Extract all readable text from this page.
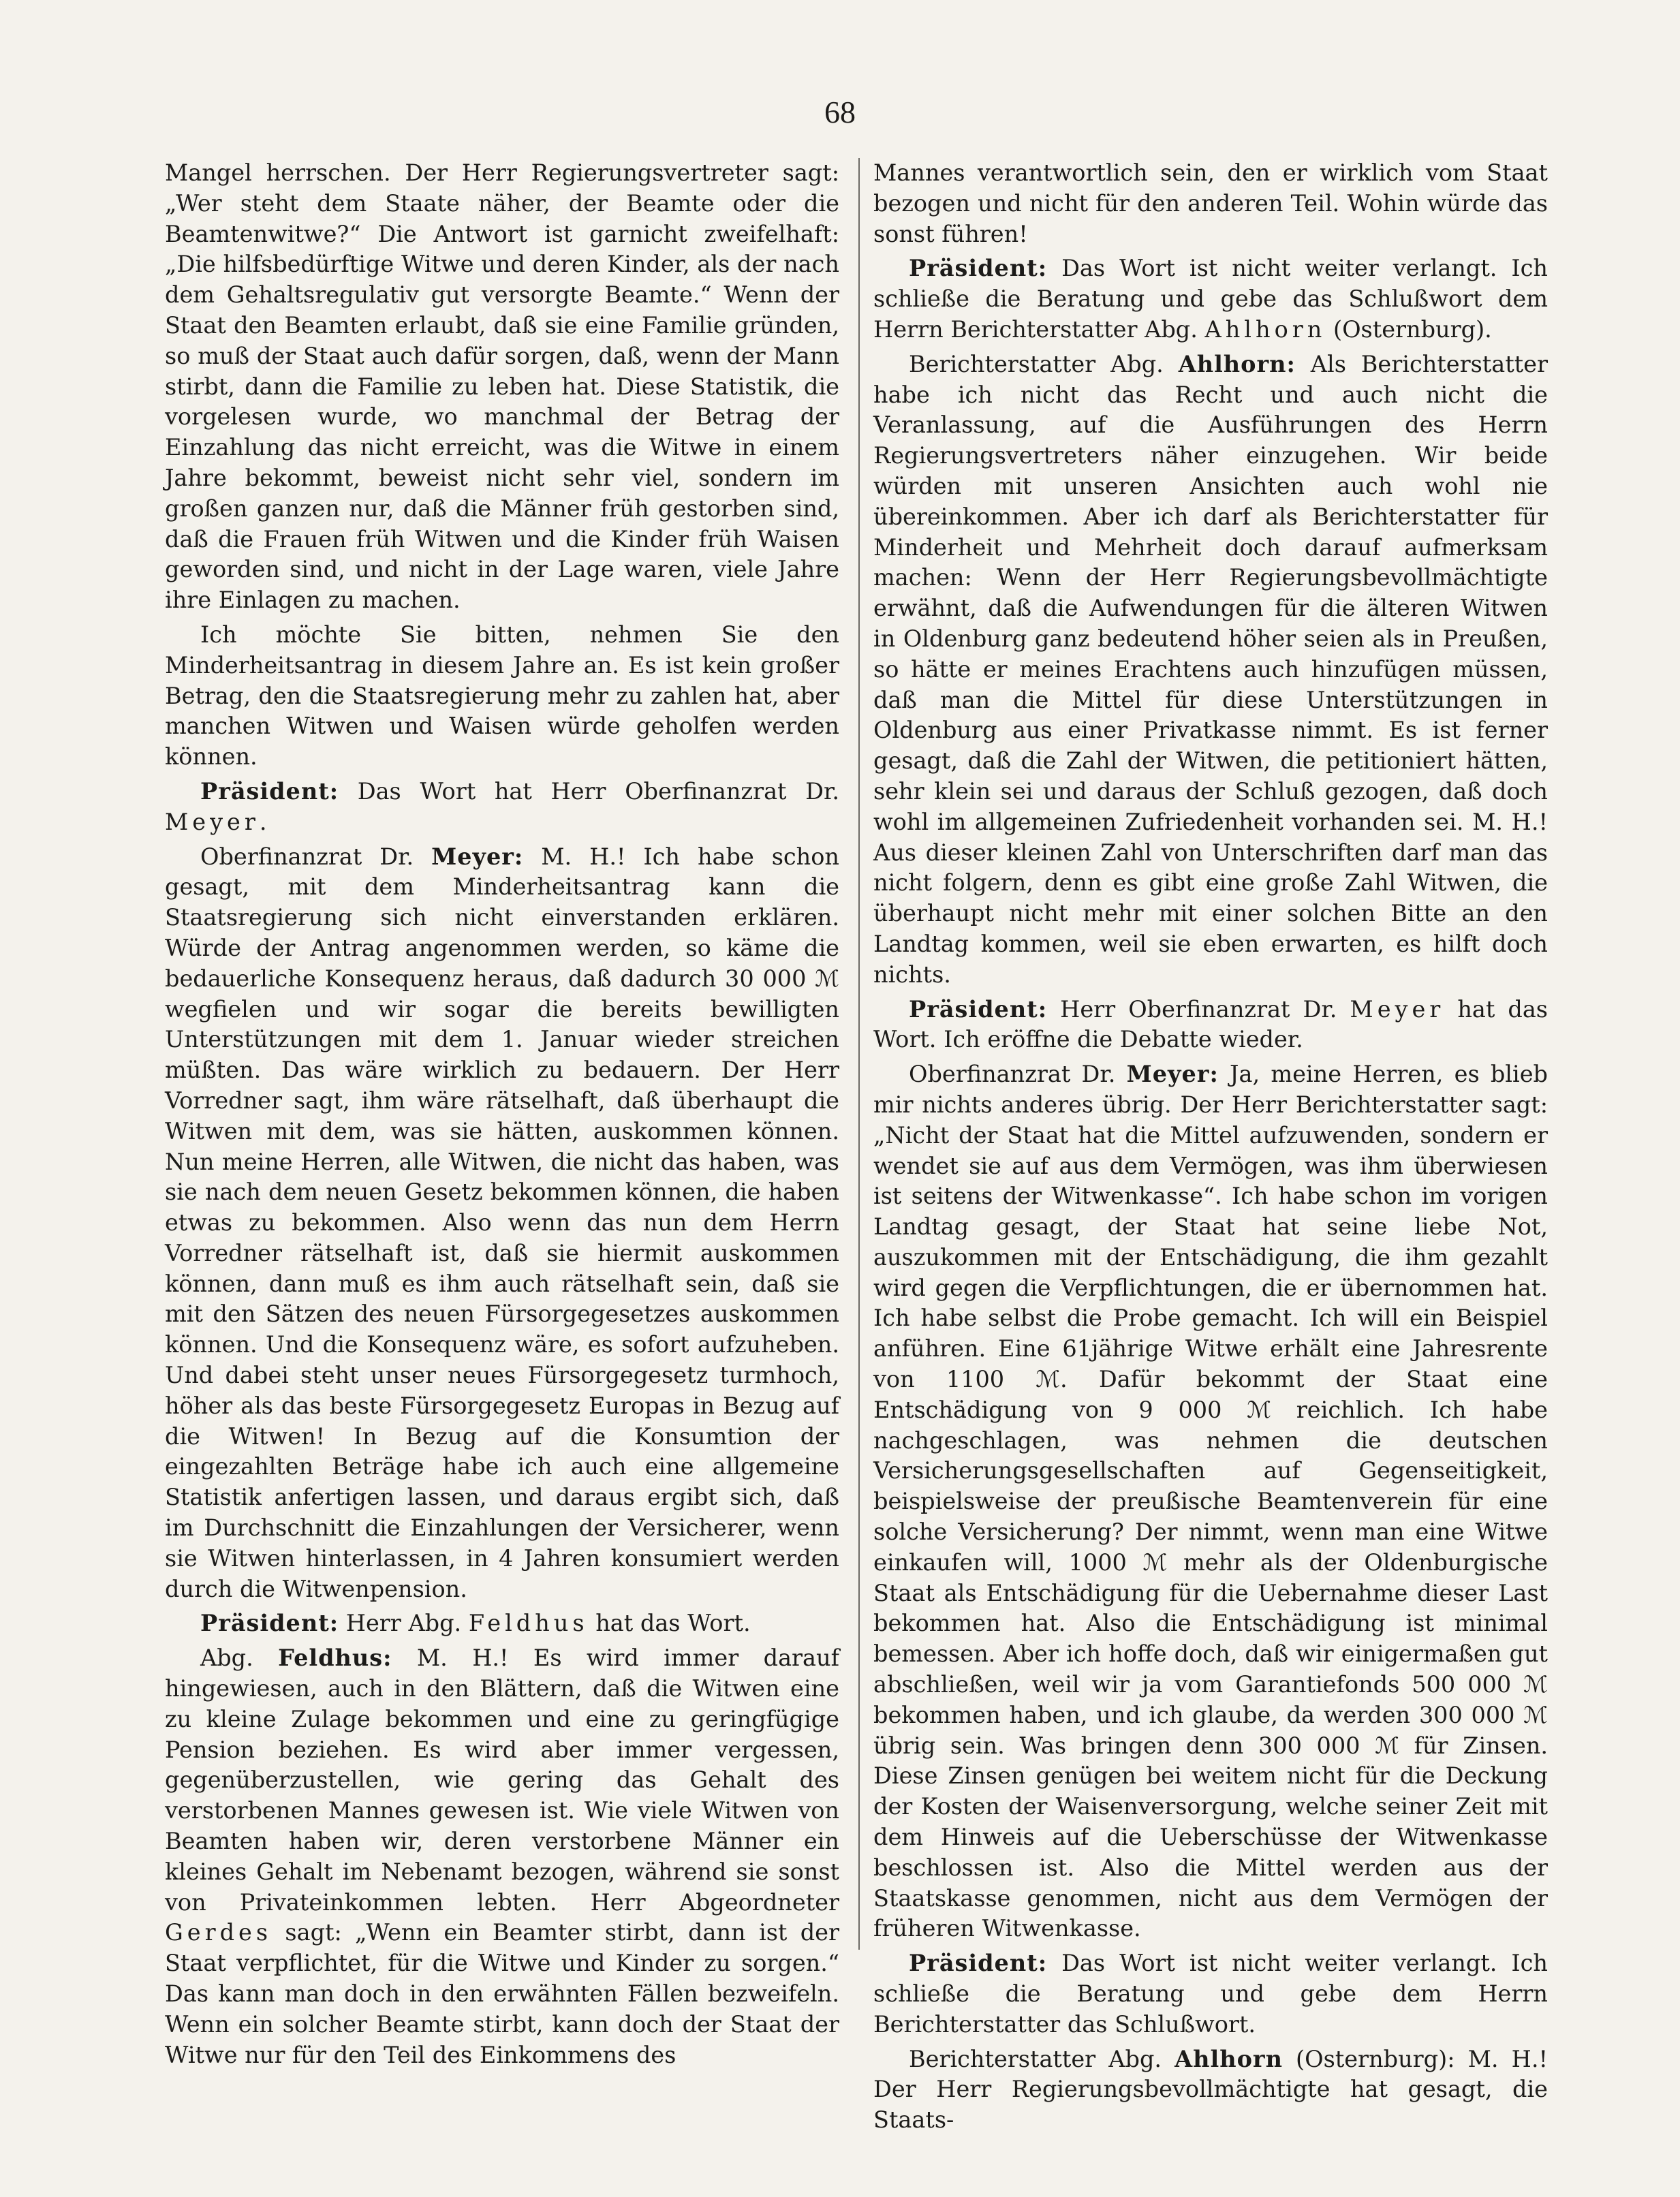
68

Mangel herrschen. Der Herr Regierungsvertreter sagt: „Wer steht dem Staate näher, der Beamte oder die Beamtenwitwe?“ Die Antwort ist garnicht zweifelhaft: „Die hilfsbedürftige Witwe und deren Kinder, als der nach dem Gehaltsregulativ gut versorgte Beamte.“ Wenn der Staat den Beamten erlaubt, daß sie eine Familie gründen, so muß der Staat auch dafür sorgen, daß, wenn der Mann stirbt, dann die Familie zu leben hat. Diese Statistik, die vorgelesen wurde, wo manchmal der Betrag der Einzahlung das nicht erreicht, was die Witwe in einem Jahre bekommt, beweist nicht sehr viel, sondern im großen ganzen nur, daß die Männer früh gestorben sind, daß die Frauen früh Witwen und die Kinder früh Waisen geworden sind, und nicht in der Lage waren, viele Jahre ihre Einlagen zu machen.

Ich möchte Sie bitten, nehmen Sie den Minderheitsantrag in diesem Jahre an. Es ist kein großer Betrag, den die Staatsregierung mehr zu zahlen hat, aber manchen Witwen und Waisen würde geholfen werden können.

Präsident: Das Wort hat Herr Oberfinanzrat Dr. Meyer.

Oberfinanzrat Dr. Meyer: M. H.! Ich habe schon gesagt, mit dem Minderheitsantrag kann die Staatsregierung sich nicht einverstanden erklären. Würde der Antrag angenommen werden, so käme die bedauerliche Konsequenz heraus, daß dadurch 30 000 ℳ wegfielen und wir sogar die bereits bewilligten Unterstützungen mit dem 1. Januar wieder streichen müßten. Das wäre wirklich zu bedauern. Der Herr Vorredner sagt, ihm wäre rätselhaft, daß überhaupt die Witwen mit dem, was sie hätten, auskommen können. Nun meine Herren, alle Witwen, die nicht das haben, was sie nach dem neuen Gesetz bekommen können, die haben etwas zu bekommen. Also wenn das nun dem Herrn Vorredner rätselhaft ist, daß sie hiermit auskommen können, dann muß es ihm auch rätselhaft sein, daß sie mit den Sätzen des neuen Fürsorgegesetzes auskommen können. Und die Konsequenz wäre, es sofort aufzuheben. Und dabei steht unser neues Fürsorgegesetz turmhoch, höher als das beste Fürsorgegesetz Europas in Bezug auf die Witwen! In Bezug auf die Konsumtion der eingezahlten Beträge habe ich auch eine allgemeine Statistik anfertigen lassen, und daraus ergibt sich, daß im Durchschnitt die Einzahlungen der Versicherer, wenn sie Witwen hinterlassen, in 4 Jahren konsumiert werden durch die Witwenpension.

Präsident: Herr Abg. Feldhus hat das Wort.

Abg. Feldhus: M. H.! Es wird immer darauf hingewiesen, auch in den Blättern, daß die Witwen eine zu kleine Zulage bekommen und eine zu geringfügige Pension beziehen. Es wird aber immer vergessen, gegenüberzustellen, wie gering das Gehalt des verstorbenen Mannes gewesen ist. Wie viele Witwen von Beamten haben wir, deren verstorbene Männer ein kleines Gehalt im Nebenamt bezogen, während sie sonst von Privateinkommen lebten. Herr Abgeordneter Gerdes sagt: „Wenn ein Beamter stirbt, dann ist der Staat verpflichtet, für die Witwe und Kinder zu sorgen.“ Das kann man doch in den erwähnten Fällen bezweifeln. Wenn ein solcher Beamte stirbt, kann doch der Staat der Witwe nur für den Teil des Einkommens des

Mannes verantwortlich sein, den er wirklich vom Staat bezogen und nicht für den anderen Teil. Wohin würde das sonst führen!

Präsident: Das Wort ist nicht weiter verlangt. Ich schließe die Beratung und gebe das Schlußwort dem Herrn Berichterstatter Abg. Ahlhorn (Osternburg).

Berichterstatter Abg. Ahlhorn: Als Berichterstatter habe ich nicht das Recht und auch nicht die Veranlassung, auf die Ausführungen des Herrn Regierungsvertreters näher einzugehen. Wir beide würden mit unseren Ansichten auch wohl nie übereinkommen. Aber ich darf als Berichterstatter für Minderheit und Mehrheit doch darauf aufmerksam machen: Wenn der Herr Regierungsbevollmächtigte erwähnt, daß die Aufwendungen für die älteren Witwen in Oldenburg ganz bedeutend höher seien als in Preußen, so hätte er meines Erachtens auch hinzufügen müssen, daß man die Mittel für diese Unterstützungen in Oldenburg aus einer Privatkasse nimmt. Es ist ferner gesagt, daß die Zahl der Witwen, die petitioniert hätten, sehr klein sei und daraus der Schluß gezogen, daß doch wohl im allgemeinen Zufriedenheit vorhanden sei. M. H.! Aus dieser kleinen Zahl von Unterschriften darf man das nicht folgern, denn es gibt eine große Zahl Witwen, die überhaupt nicht mehr mit einer solchen Bitte an den Landtag kommen, weil sie eben erwarten, es hilft doch nichts.

Präsident: Herr Oberfinanzrat Dr. Meyer hat das Wort. Ich eröffne die Debatte wieder.

Oberfinanzrat Dr. Meyer: Ja, meine Herren, es blieb mir nichts anderes übrig. Der Herr Berichterstatter sagt: „Nicht der Staat hat die Mittel aufzuwenden, sondern er wendet sie auf aus dem Vermögen, was ihm überwiesen ist seitens der Witwenkasse“. Ich habe schon im vorigen Landtag gesagt, der Staat hat seine liebe Not, auszukommen mit der Entschädigung, die ihm gezahlt wird gegen die Verpflichtungen, die er übernommen hat. Ich habe selbst die Probe gemacht. Ich will ein Beispiel anführen. Eine 61jährige Witwe erhält eine Jahresrente von 1100 ℳ. Dafür bekommt der Staat eine Entschädigung von 9 000 ℳ reichlich. Ich habe nachgeschlagen, was nehmen die deutschen Versicherungsgesellschaften auf Gegenseitigkeit, beispielsweise der preußische Beamtenverein für eine solche Versicherung? Der nimmt, wenn man eine Witwe einkaufen will, 1000 ℳ mehr als der Oldenburgische Staat als Entschädigung für die Uebernahme dieser Last bekommen hat. Also die Entschädigung ist minimal bemessen. Aber ich hoffe doch, daß wir einigermaßen gut abschließen, weil wir ja vom Garantiefonds 500 000 ℳ bekommen haben, und ich glaube, da werden 300 000 ℳ übrig sein. Was bringen denn 300 000 ℳ für Zinsen. Diese Zinsen genügen bei weitem nicht für die Deckung der Kosten der Waisenversorgung, welche seiner Zeit mit dem Hinweis auf die Ueberschüsse der Witwenkasse beschlossen ist. Also die Mittel werden aus der Staatskasse genommen, nicht aus dem Vermögen der früheren Witwenkasse.

Präsident: Das Wort ist nicht weiter verlangt. Ich schließe die Beratung und gebe dem Herrn Berichterstatter das Schlußwort.

Berichterstatter Abg. Ahlhorn (Osternburg): M. H.! Der Herr Regierungsbevollmächtigte hat gesagt, die Staats-
